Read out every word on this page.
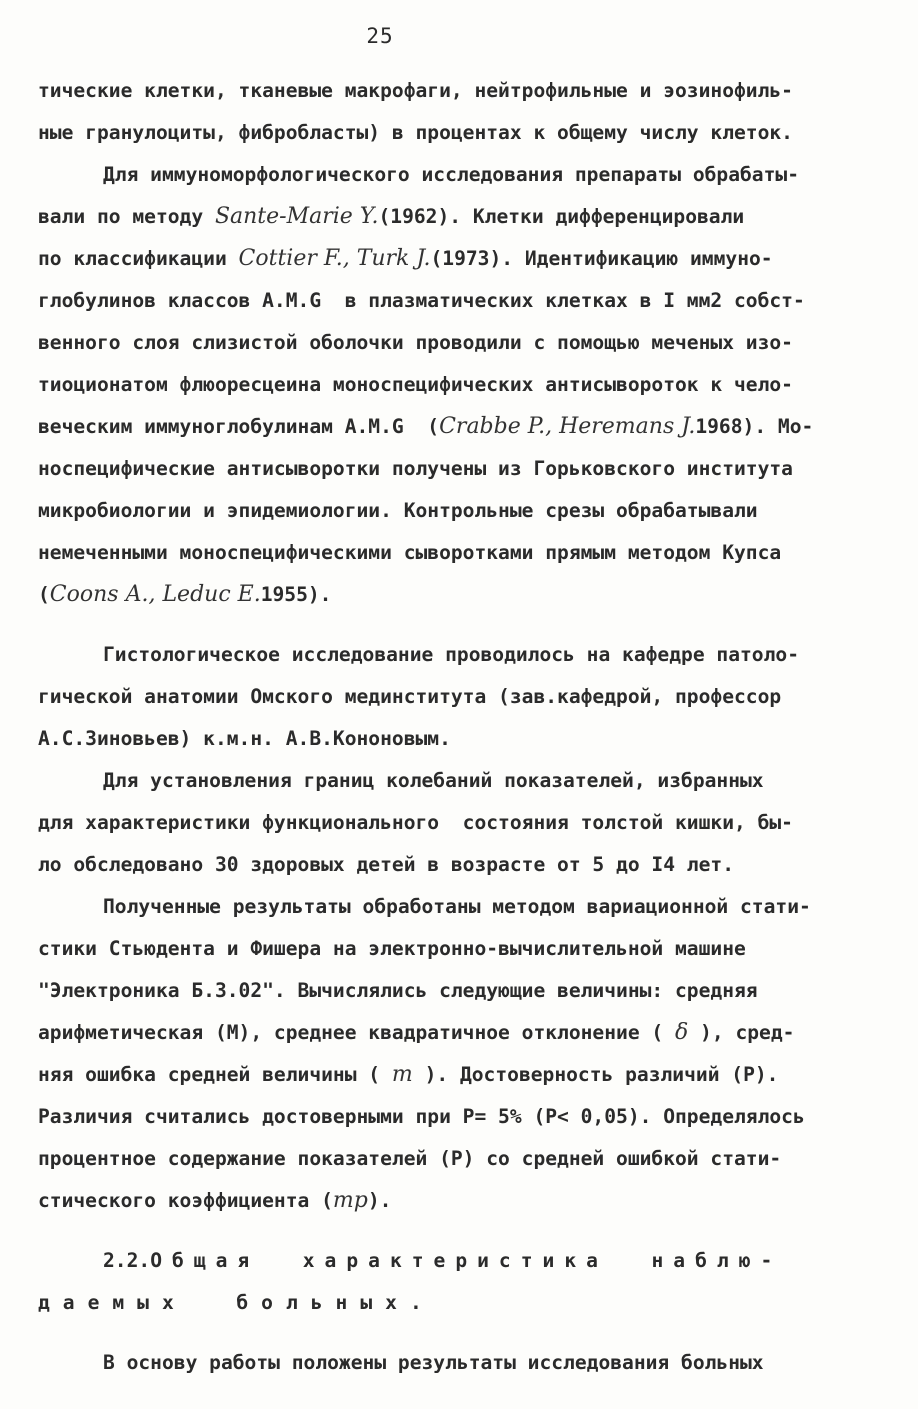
25
тические клетки, тканевые макрофаги, нейтрофильные и эозинофиль-
ные гранулоциты, фибробласты) в процентах к общему числу клеток.
Для иммуноморфологического исследования препараты обрабаты-
вали по методу Sante-Marie Y.(1962). Клетки дифференцировали
по классификации Cottier F., Turk J.(1973). Идентификацию иммуно-
глобулинов классов А.М.G  в плазматических клетках в I мм2 собст-
венного слоя слизистой оболочки проводили с помощью меченых изо-
тиоционатом флюоресцеина моноспецифических антисывороток к чело-
веческим иммуноглобулинам А.М.G  (Crabbe P., Heremans J.1968). Мо-
носпецифические антисыворотки получены из Горьковского института
микробиологии и эпидемиологии. Контрольные срезы обрабатывали
немеченными моноспецифическими сыворотками прямым методом Купса
(Coons A., Leduc E.1955).
Гистологическое исследование проводилось на кафедре патоло-
гической анатомии Омского мединститута (зав.кафедрой, профессор
А.С.Зиновьев) к.м.н. А.В.Кононовым.
Для установления границ колебаний показателей, избранных
для характеристики функционального  состояния толстой кишки, бы-
ло обследовано 30 здоровых детей в возрасте от 5 до I4 лет.
Полученные результаты обработаны методом вариационной стати-
стики Стьюдента и Фишера на электронно-вычислительной машине
"Электроника Б.З.02". Вычислялись следующие величины: средняя
арифметическая (М), среднее квадратичное отклонение ( δ ), сред-
няя ошибка средней величины ( m ). Достоверность различий (Р).
Различия считались достоверными при Р= 5% (Р< 0,05). Определялось
процентное содержание показателей (Р) со средней ошибкой стати-
стического коэффициента (mp).
2.2.Общая  характеристика  наблю-
даемых  больных.
В основу работы положены результаты исследования больных
